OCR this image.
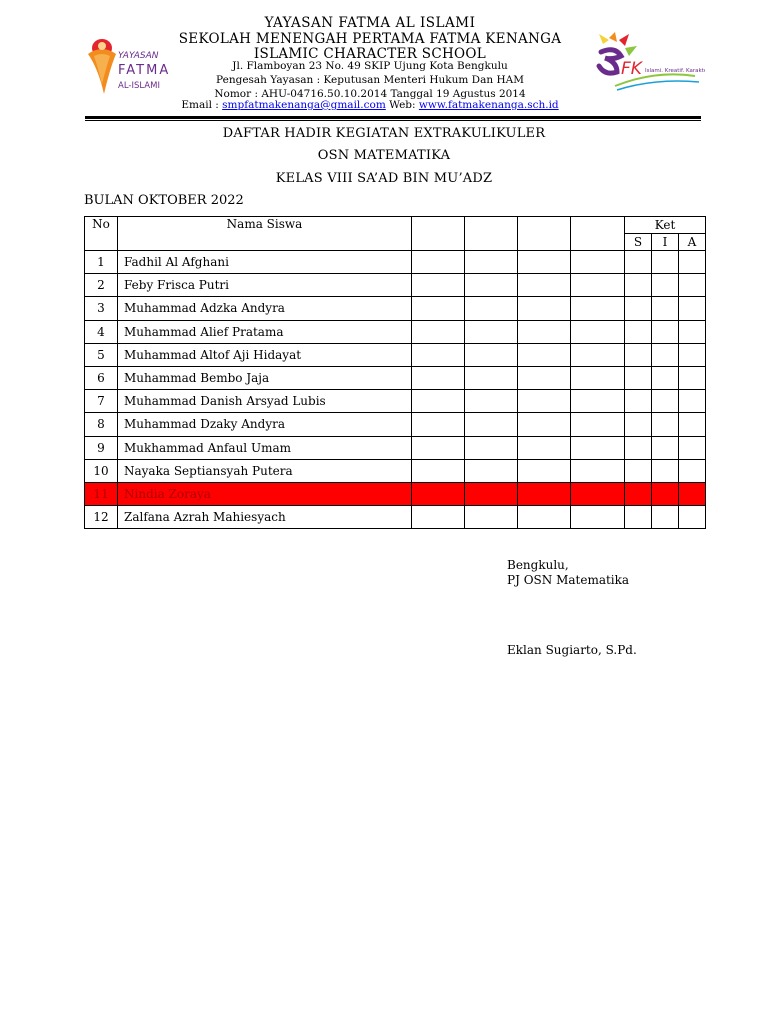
YAYASAN
FATMA
AL-ISLAMI
YAYASAN FATMA AL ISLAMI
SEKOLAH MENENGAH PERTAMA FATMA KENANGA
ISLAMIC CHARACTER SCHOOL
Jl. Flamboyan 23 No. 49 SKIP Ujung Kota Bengkulu
Pengesah Yayasan : Keputusan Menteri Hukum Dan HAM
Nomor : AHU-04716.50.10.2014 Tanggal 19 Agustus 2014
Email : smpfatmakenanga@gmail.com Web: www.fatmakenanga.sch.id
FK Islami. Kreatif. Karakter
DAFTAR HADIR KEGIATAN EXTRAKULIKULER
OSN MATEMATIKA
KELAS VIII SA’AD BIN MU’ADZ
BULAN OKTOBER 2022
No	Nama Siswa					Ket		
						S	I	A
1	Fadhil Al Afghani							
2	Feby Frisca Putri							
3	Muhammad Adzka Andyra							
4	Muhammad Alief Pratama							
5	Muhammad Altof Aji Hidayat							
6	Muhammad Bembo Jaja							
7	Muhammad Danish Arsyad Lubis							
8	Muhammad Dzaky Andyra							
9	Mukhammad Anfaul Umam							
10	Nayaka Septiansyah Putera							
11	Nindia Zoraya							
12	Zalfana Azrah Mahiesyach							
Bengkulu,
PJ OSN Matematika
Eklan Sugiarto, S.Pd.
